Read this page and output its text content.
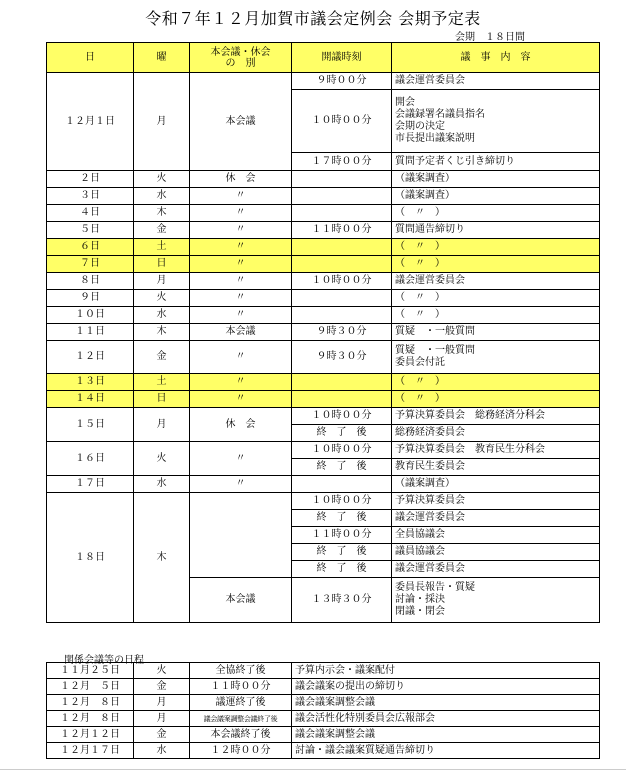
令和７年１２月加賀市議会定例会 会期予定表
会期　１８日間
日	曜	本会議・休会
の　別	開議時刻	議　事　内　容
１２月１日	月	本会議	９時００分	議会運営委員会
			１０時００分	開会
会議録署名議員指名
会期の決定
市長提出議案説明

			１７時００分	質問予定者くじ引き締切り
２日	火	休　会		（議案調査）
３日	水	〃		（議案調査）
４日	木	〃		（　〃　）
５日	金	〃	１１時００分	質問通告締切り
６日	土	〃		（　〃　）
７日	日	〃		（　〃　）
８日	月	〃	１０時００分	議会運営委員会
９日	火	〃		（　〃　）
１０日	水	〃		（　〃　）
１１日	木	本会議	９時３０分	質疑　・一般質問
１２日	金	〃	９時３０分	質疑　・一般質問
委員会付託

１３日	土	〃		（　〃　）
１４日	日	〃		（　〃　）
１５日	月	休　会	１０時００分	予算決算委員会　総務経済分科会
			終　了　後	総務経済委員会
１６日	火	〃	１０時００分	予算決算委員会　教育民生分科会
			終　了　後	教育民生委員会
１７日	水	〃		（議案調査）
１８日	木		１０時００分	予算決算委員会
			終　了　後	議会運営委員会
			１１時００分	全員協議会
			終　了　後	議員協議会
			終　了　後	議会運営委員会
		本会議	１３時３０分	委員長報告・質疑
討論・採決
閉議・閉会
関係会議等の日程
１１月２５日	火	全協終了後	予算内示会・議案配付
１２月　５日	金	１１時００分	議会議案の提出の締切り
１２月　８日	月	議運終了後	議会議案調整会議
１２月　８日	月	議会議案調整会議終了後	議会活性化特別委員会広報部会
１２月１２日	金	本会議終了後	議会議案調整会議
１２月１７日	水	１２時００分	討論・議会議案質疑通告締切り
